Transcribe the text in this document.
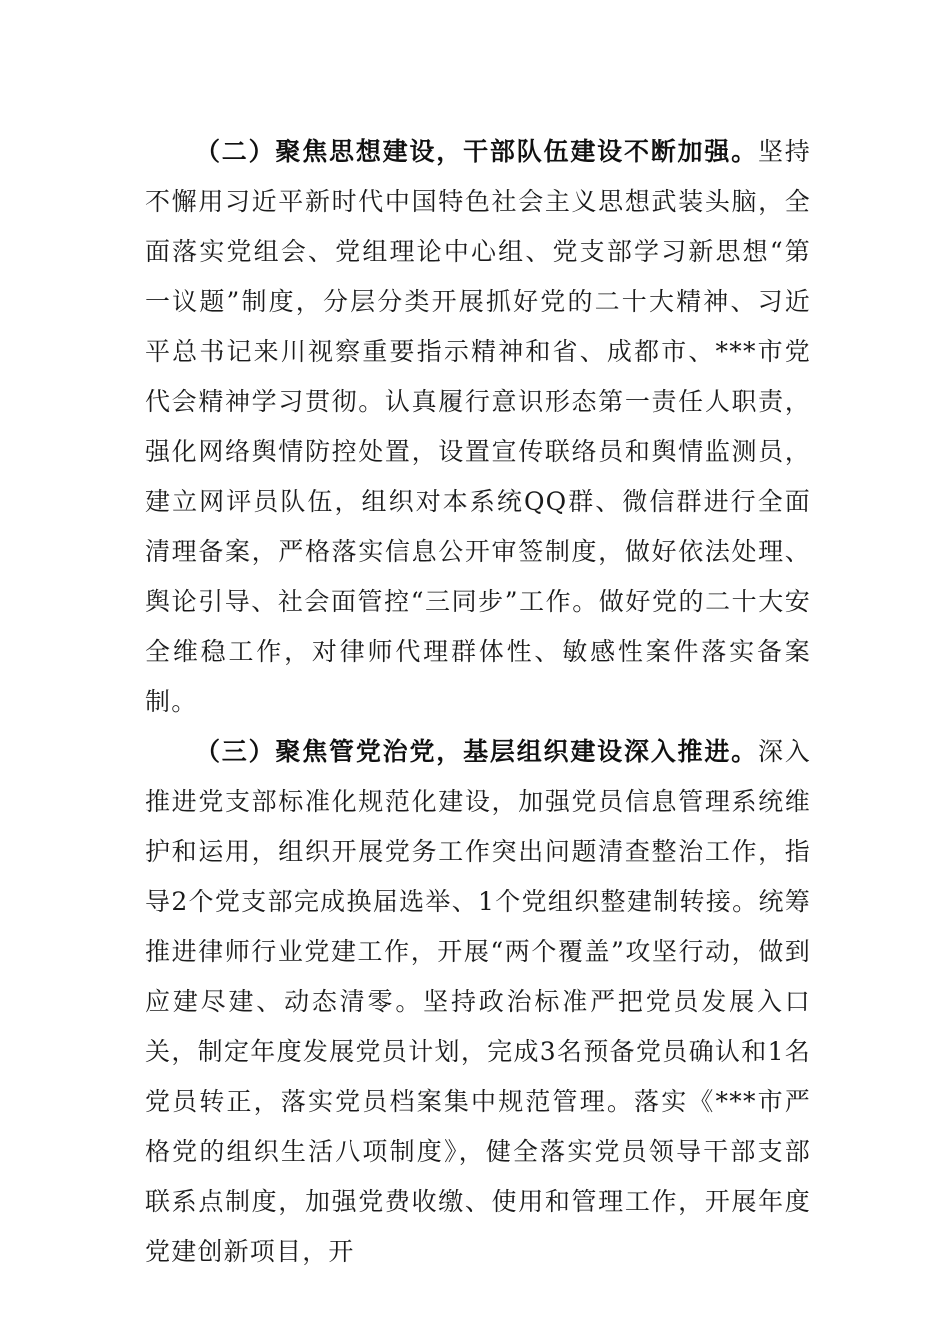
（二）聚焦思想建设，干部队伍建设不断加强。坚持不懈用习近平新时代中国特色社会主义思想武装头脑，全面落实党组会、党组理论中心组、党支部学习新思想“第一议题”制度，分层分类开展抓好党的二十大精神、习近平总书记来川视察重要指示精神和省、成都市、***市党代会精神学习贯彻。认真履行意识形态第一责任人职责，强化网络舆情防控处置，设置宣传联络员和舆情监测员，建立网评员队伍，组织对本系统QQ群、微信群进行全面清理备案，严格落实信息公开审签制度，做好依法处理、舆论引导、社会面管控“三同步”工作。做好党的二十大安全维稳工作，对律师代理群体性、敏感性案件落实备案制。

（三）聚焦管党治党，基层组织建设深入推进。深入推进党支部标准化规范化建设，加强党员信息管理系统维护和运用，组织开展党务工作突出问题清查整治工作，指导2个党支部完成换届选举、1个党组织整建制转接。统筹推进律师行业党建工作，开展“两个覆盖”攻坚行动，做到应建尽建、动态清零。坚持政治标准严把党员发展入口关，制定年度发展党员计划，完成3名预备党员确认和1名党员转正，落实党员档案集中规范管理。落实《***市严格党的组织生活八项制度》，健全落实党员领导干部支部联系点制度，加强党费收缴、使用和管理工作，开展年度党建创新项目，开
